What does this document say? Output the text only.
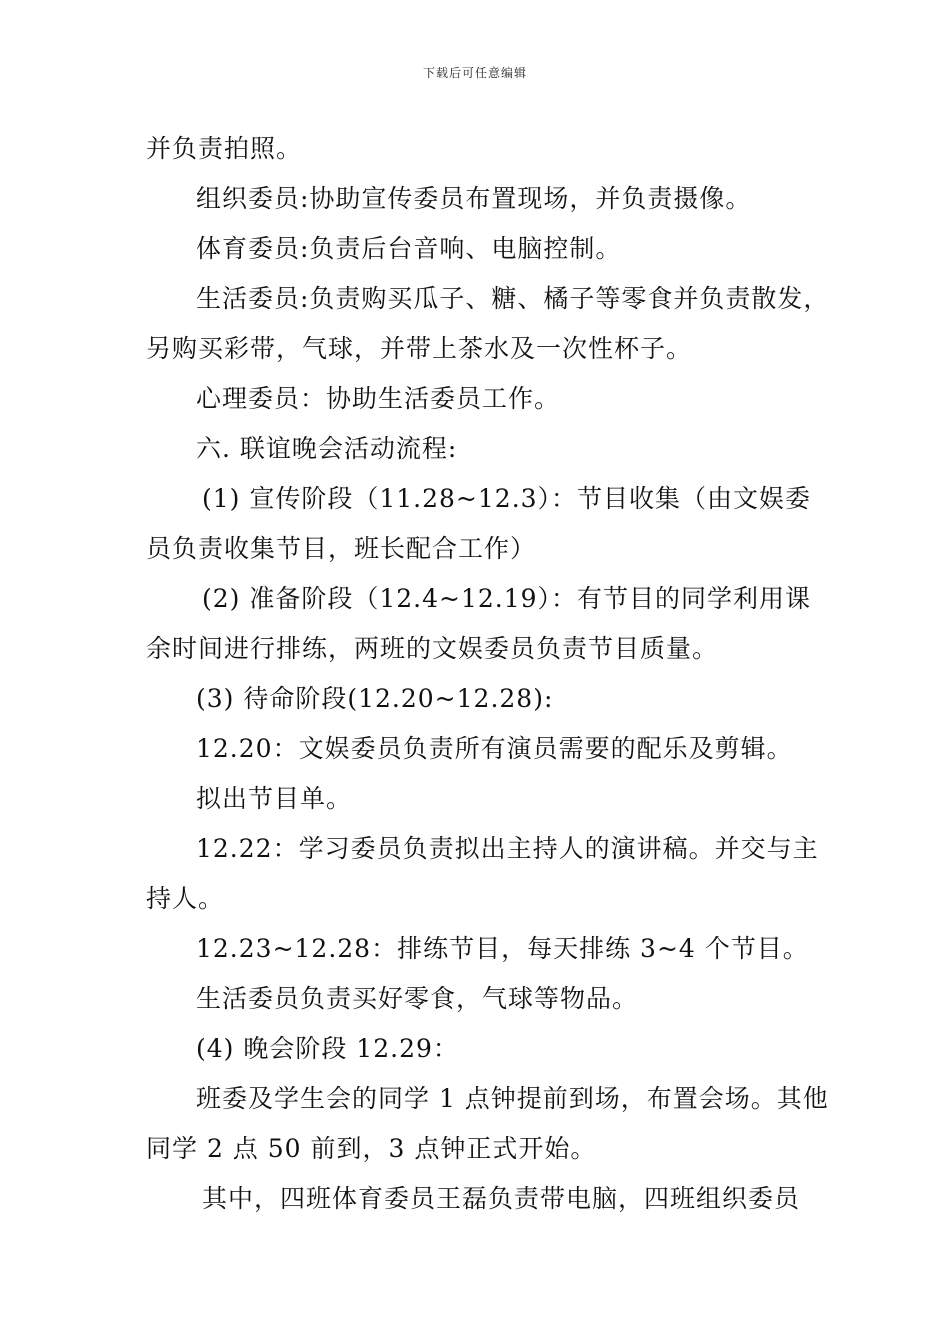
下载后可任意编辑
并负责拍照。
组织委员:协助宣传委员布置现场，并负责摄像。
体育委员:负责后台音响、电脑控制。
生活委员:负责购买瓜子、糖、橘子等零食并负责散发，
另购买彩带，气球，并带上茶水及一次性杯子。
心理委员：协助生活委员工作。
六. 联谊晚会活动流程:
(1) 宣传阶段（11.28~12.3）：节目收集（由文娱委
员负责收集节目，班长配合工作）
(2) 准备阶段（12.4~12.19）：有节目的同学利用课
余时间进行排练，两班的文娱委员负责节目质量。
(3) 待命阶段(12.20~12.28):
12.20：文娱委员负责所有演员需要的配乐及剪辑。
拟出节目单。
12.22：学习委员负责拟出主持人的演讲稿。并交与主
持人。
12.23~12.28：排练节目，每天排练 3~4 个节目。
生活委员负责买好零食，气球等物品。
(4) 晚会阶段 12.29：
班委及学生会的同学 1 点钟提前到场，布置会场。其他
同学 2 点 50 前到，3 点钟正式开始。
其中，四班体育委员王磊负责带电脑，四班组织委员
